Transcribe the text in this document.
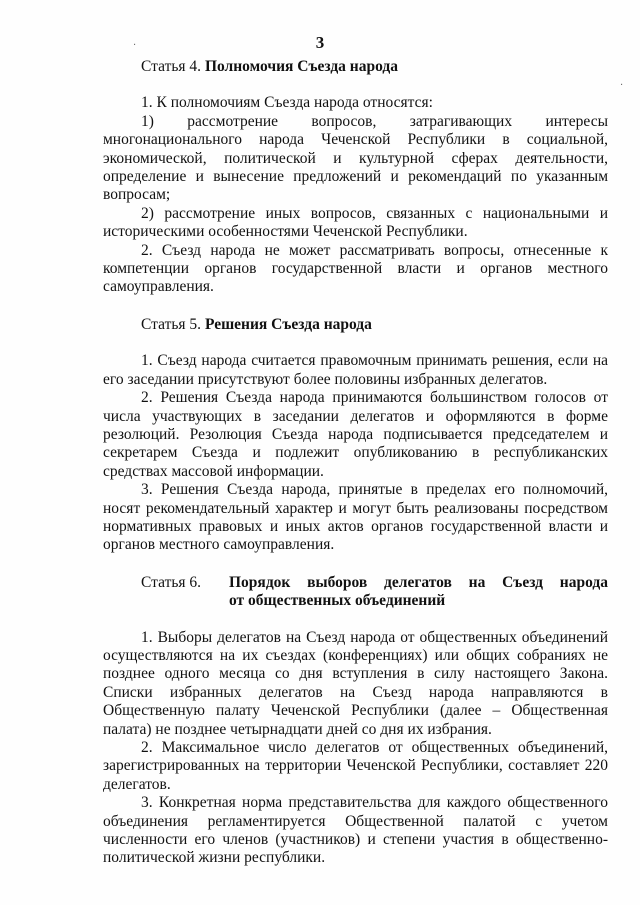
3
·
·
Статья 4. Полномочия Съезда народа

1. К полномочиям Съезда народа относятся:

1) рассмотрение вопросов, затрагивающих интересы многонационального народа Чеченской Республики в социальной, экономической, политической и культурной сферах деятельности, определение и вынесение предложений и рекомендаций по указанным вопросам;

2) рассмотрение иных вопросов, связанных с национальными и историческими особенностями Чеченской Республики.

2. Съезд народа не может рассматривать вопросы, отнесенные к компетенции органов государственной власти и органов местного самоуправления.

Статья 5. Решения Съезда народа

1. Съезд народа считается правомочным принимать решения, если на его заседании присутствуют более половины избранных делегатов.

2. Решения Съезда народа принимаются большинством голосов от числа участвующих в заседании делегатов и оформляются в форме резолюций. Резолюция Съезда народа подписывается председателем и секретарем Съезда и подлежит опубликованию в республиканских средствах массовой информации.

3. Решения Съезда народа, принятые в пределах его полномочий, носят рекомендательный характер и могут быть реализованы посредством нормативных правовых и иных актов органов государственной власти и органов местного самоуправления.

Статья 6.	Порядок выборов делегатов на Съезд народа
от общественных объединений

1. Выборы делегатов на Съезд народа от общественных объединений осуществляются на их съездах (конференциях) или общих собраниях не позднее одного месяца со дня вступления в силу настоящего Закона. Списки избранных делегатов на Съезд народа направляются в Общественную палату Чеченской Республики (далее – Общественная палата) не позднее четырнадцати дней со дня их избрания.

2. Максимальное число делегатов от общественных объединений, зарегистрированных на территории Чеченской Республики, составляет 220 делегатов.

3. Конкретная норма представительства для каждого общественного объединения регламентируется Общественной палатой с учетом численности его членов (участников) и степени участия в общественно-политической жизни республики.
